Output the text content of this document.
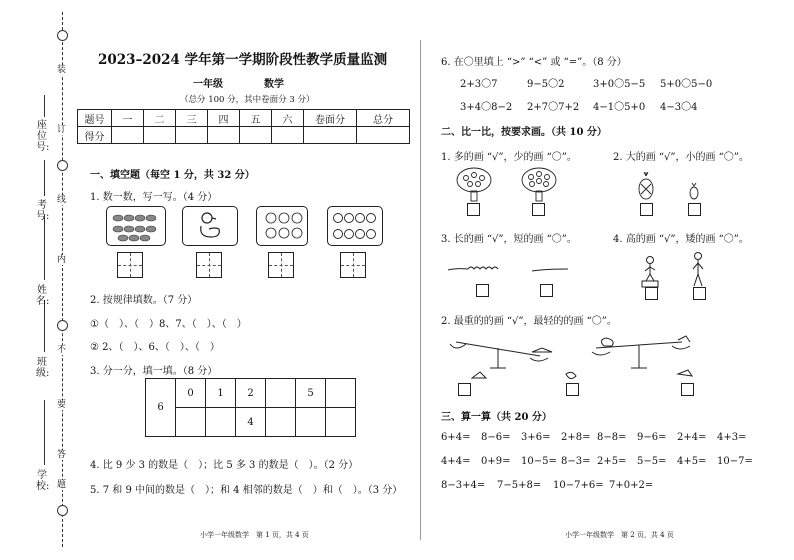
装
订
线
内
不
要
答
题
学校:
班级:
姓名:
考号:
座位号:
2023–2024 学年第一学期阶段性教学质量监测
一年级	数学
（总分 100 分，其中卷面分 3 分）
题号	一	二	三	四	五	六	卷面分	总分
得分								
一、填空题（每空 1 分，共 32 分）
1. 数一数，写一写。（4 分）
2. 按规律填数。（7 分）
①（　）、（　）8、7、（　）、（　）
② 2、（　）、6、（　）、（　）
3. 分一分，填一填。（8 分）
6	0	1	2		5	
			4			
4. 比 9 少 3 的数是（　）；比 5 多 3 的数是（　）。（2 分）
5. 7 和 9 中间的数是（　）；和 4 相邻的数是（　）和（　）。（3 分）
小学一年级数学　第 1 页，共 4 页
6. 在〇里填上 “>” “<” 或 “=”。（8 分）
2+3〇7	9−5〇2	3+0〇5−5 5+0〇5−0
3+4〇8−2 2+7〇7+2 4−1〇5+0 4−3〇4
二、比一比，按要求画。（共 10 分）
1. 多的画 “√”，少的画 “〇”。	2. 大的画 “√”，小的画 “〇”。
3. 长的画 “√”，短的画 “〇”。	4. 高的画 “√”，矮的画 “〇”。
2. 最重的的画 “√”，最轻的的画 “〇”。
三、算一算（共 20 分）
6+4= 8−6= 3+6= 2+8= 8−8= 9−6= 2+4= 4+3=
4+4= 0+9= 10−5= 8−3= 2+5= 5−5= 4+5= 10−7=
8−3+4= 7−5+8= 10−7+6= 7+0+2=
小学一年级数学　第 2 页，共 4 页
